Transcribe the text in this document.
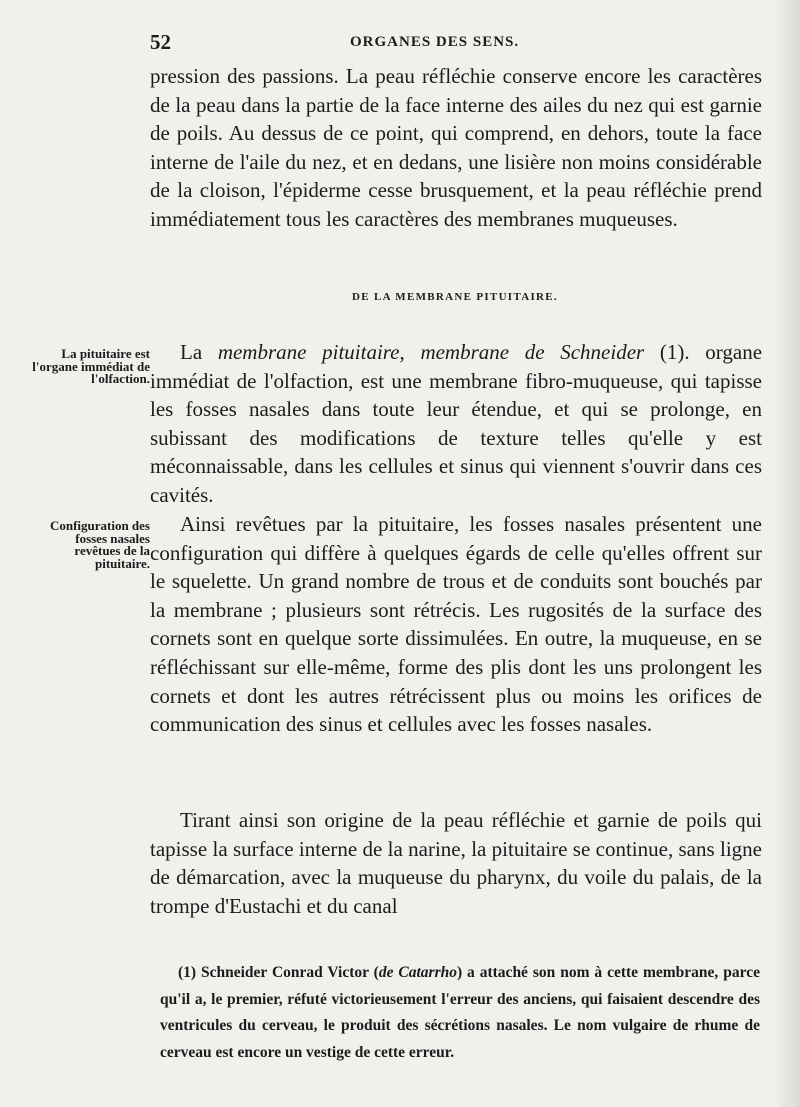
52	ORGANES DES SENS.

pression des passions. La peau réfléchie conserve encore les caractères de la peau dans la partie de la face interne des ailes du nez qui est garnie de poils. Au dessus de ce point, qui comprend, en dehors, toute la face interne de l'aile du nez, et en dedans, une lisière non moins considérable de la cloison, l'épiderme cesse brusquement, et la peau réfléchie prend immédiatement tous les caractères des membranes muqueuses.

DE LA MEMBRANE PITUITAIRE.
La pituitaire est l'organe immédiat de l'olfaction.

La membrane pituitaire, membrane de Schneider (1). organe immédiat de l'olfaction, est une membrane fibro-muqueuse, qui tapisse les fosses nasales dans toute leur étendue, et qui se prolonge, en subissant des modifications de texture telles qu'elle y est méconnaissable, dans les cellules et sinus qui viennent s'ouvrir dans ces cavités.

Configuration des fosses nasales revêtues de la pituitaire.

Ainsi revêtues par la pituitaire, les fosses nasales présentent une configuration qui diffère à quelques égards de celle qu'elles offrent sur le squelette. Un grand nombre de trous et de conduits sont bouchés par la membrane ; plusieurs sont rétrécis. Les rugosités de la surface des cornets sont en quelque sorte dissimulées. En outre, la muqueuse, en se réfléchissant sur elle-même, forme des plis dont les uns prolongent les cornets et dont les autres rétrécissent plus ou moins les orifices de communication des sinus et cellules avec les fosses nasales.

Tirant ainsi son origine de la peau réfléchie et garnie de poils qui tapisse la surface interne de la narine, la pituitaire se continue, sans ligne de démarcation, avec la muqueuse du pharynx, du voile du palais, de la trompe d'Eustachi et du canal

(1) Schneider Conrad Victor (de Catarrho) a attaché son nom à cette membrane, parce qu'il a, le premier, réfuté victorieusement l'erreur des anciens, qui faisaient descendre des ventricules du cerveau, le produit des sécrétions nasales. Le nom vulgaire de rhume de cerveau est encore un vestige de cette erreur.
